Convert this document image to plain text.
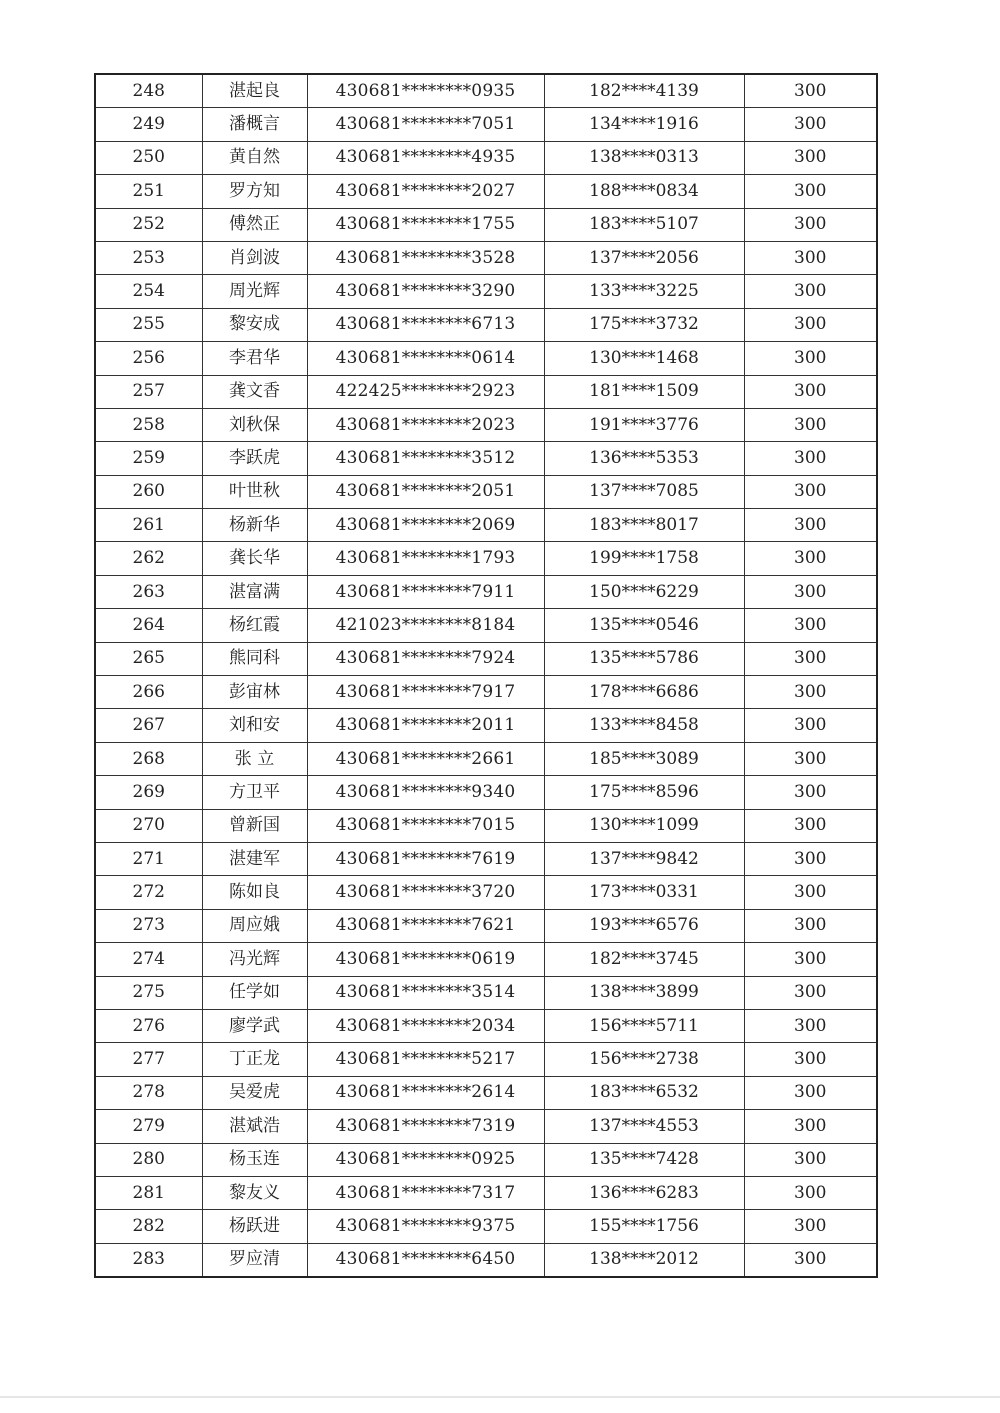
248	湛起良	430681********0935	182****4139	300
249	潘概言	430681********7051	134****1916	300
250	黄自然	430681********4935	138****0313	300
251	罗方知	430681********2027	188****0834	300
252	傅然正	430681********1755	183****5107	300
253	肖剑波	430681********3528	137****2056	300
254	周光辉	430681********3290	133****3225	300
255	黎安成	430681********6713	175****3732	300
256	李君华	430681********0614	130****1468	300
257	龚文香	422425********2923	181****1509	300
258	刘秋保	430681********2023	191****3776	300
259	李跃虎	430681********3512	136****5353	300
260	叶世秋	430681********2051	137****7085	300
261	杨新华	430681********2069	183****8017	300
262	龚长华	430681********1793	199****1758	300
263	湛富满	430681********7911	150****6229	300
264	杨红霞	421023********8184	135****0546	300
265	熊同科	430681********7924	135****5786	300
266	彭宙林	430681********7917	178****6686	300
267	刘和安	430681********2011	133****8458	300
268	张 立	430681********2661	185****3089	300
269	方卫平	430681********9340	175****8596	300
270	曾新国	430681********7015	130****1099	300
271	湛建军	430681********7619	137****9842	300
272	陈如良	430681********3720	173****0331	300
273	周应娥	430681********7621	193****6576	300
274	冯光辉	430681********0619	182****3745	300
275	任学如	430681********3514	138****3899	300
276	廖学武	430681********2034	156****5711	300
277	丁正龙	430681********5217	156****2738	300
278	吴爱虎	430681********2614	183****6532	300
279	湛斌浩	430681********7319	137****4553	300
280	杨玉连	430681********0925	135****7428	300
281	黎友义	430681********7317	136****6283	300
282	杨跃进	430681********9375	155****1756	300
283	罗应清	430681********6450	138****2012	300
